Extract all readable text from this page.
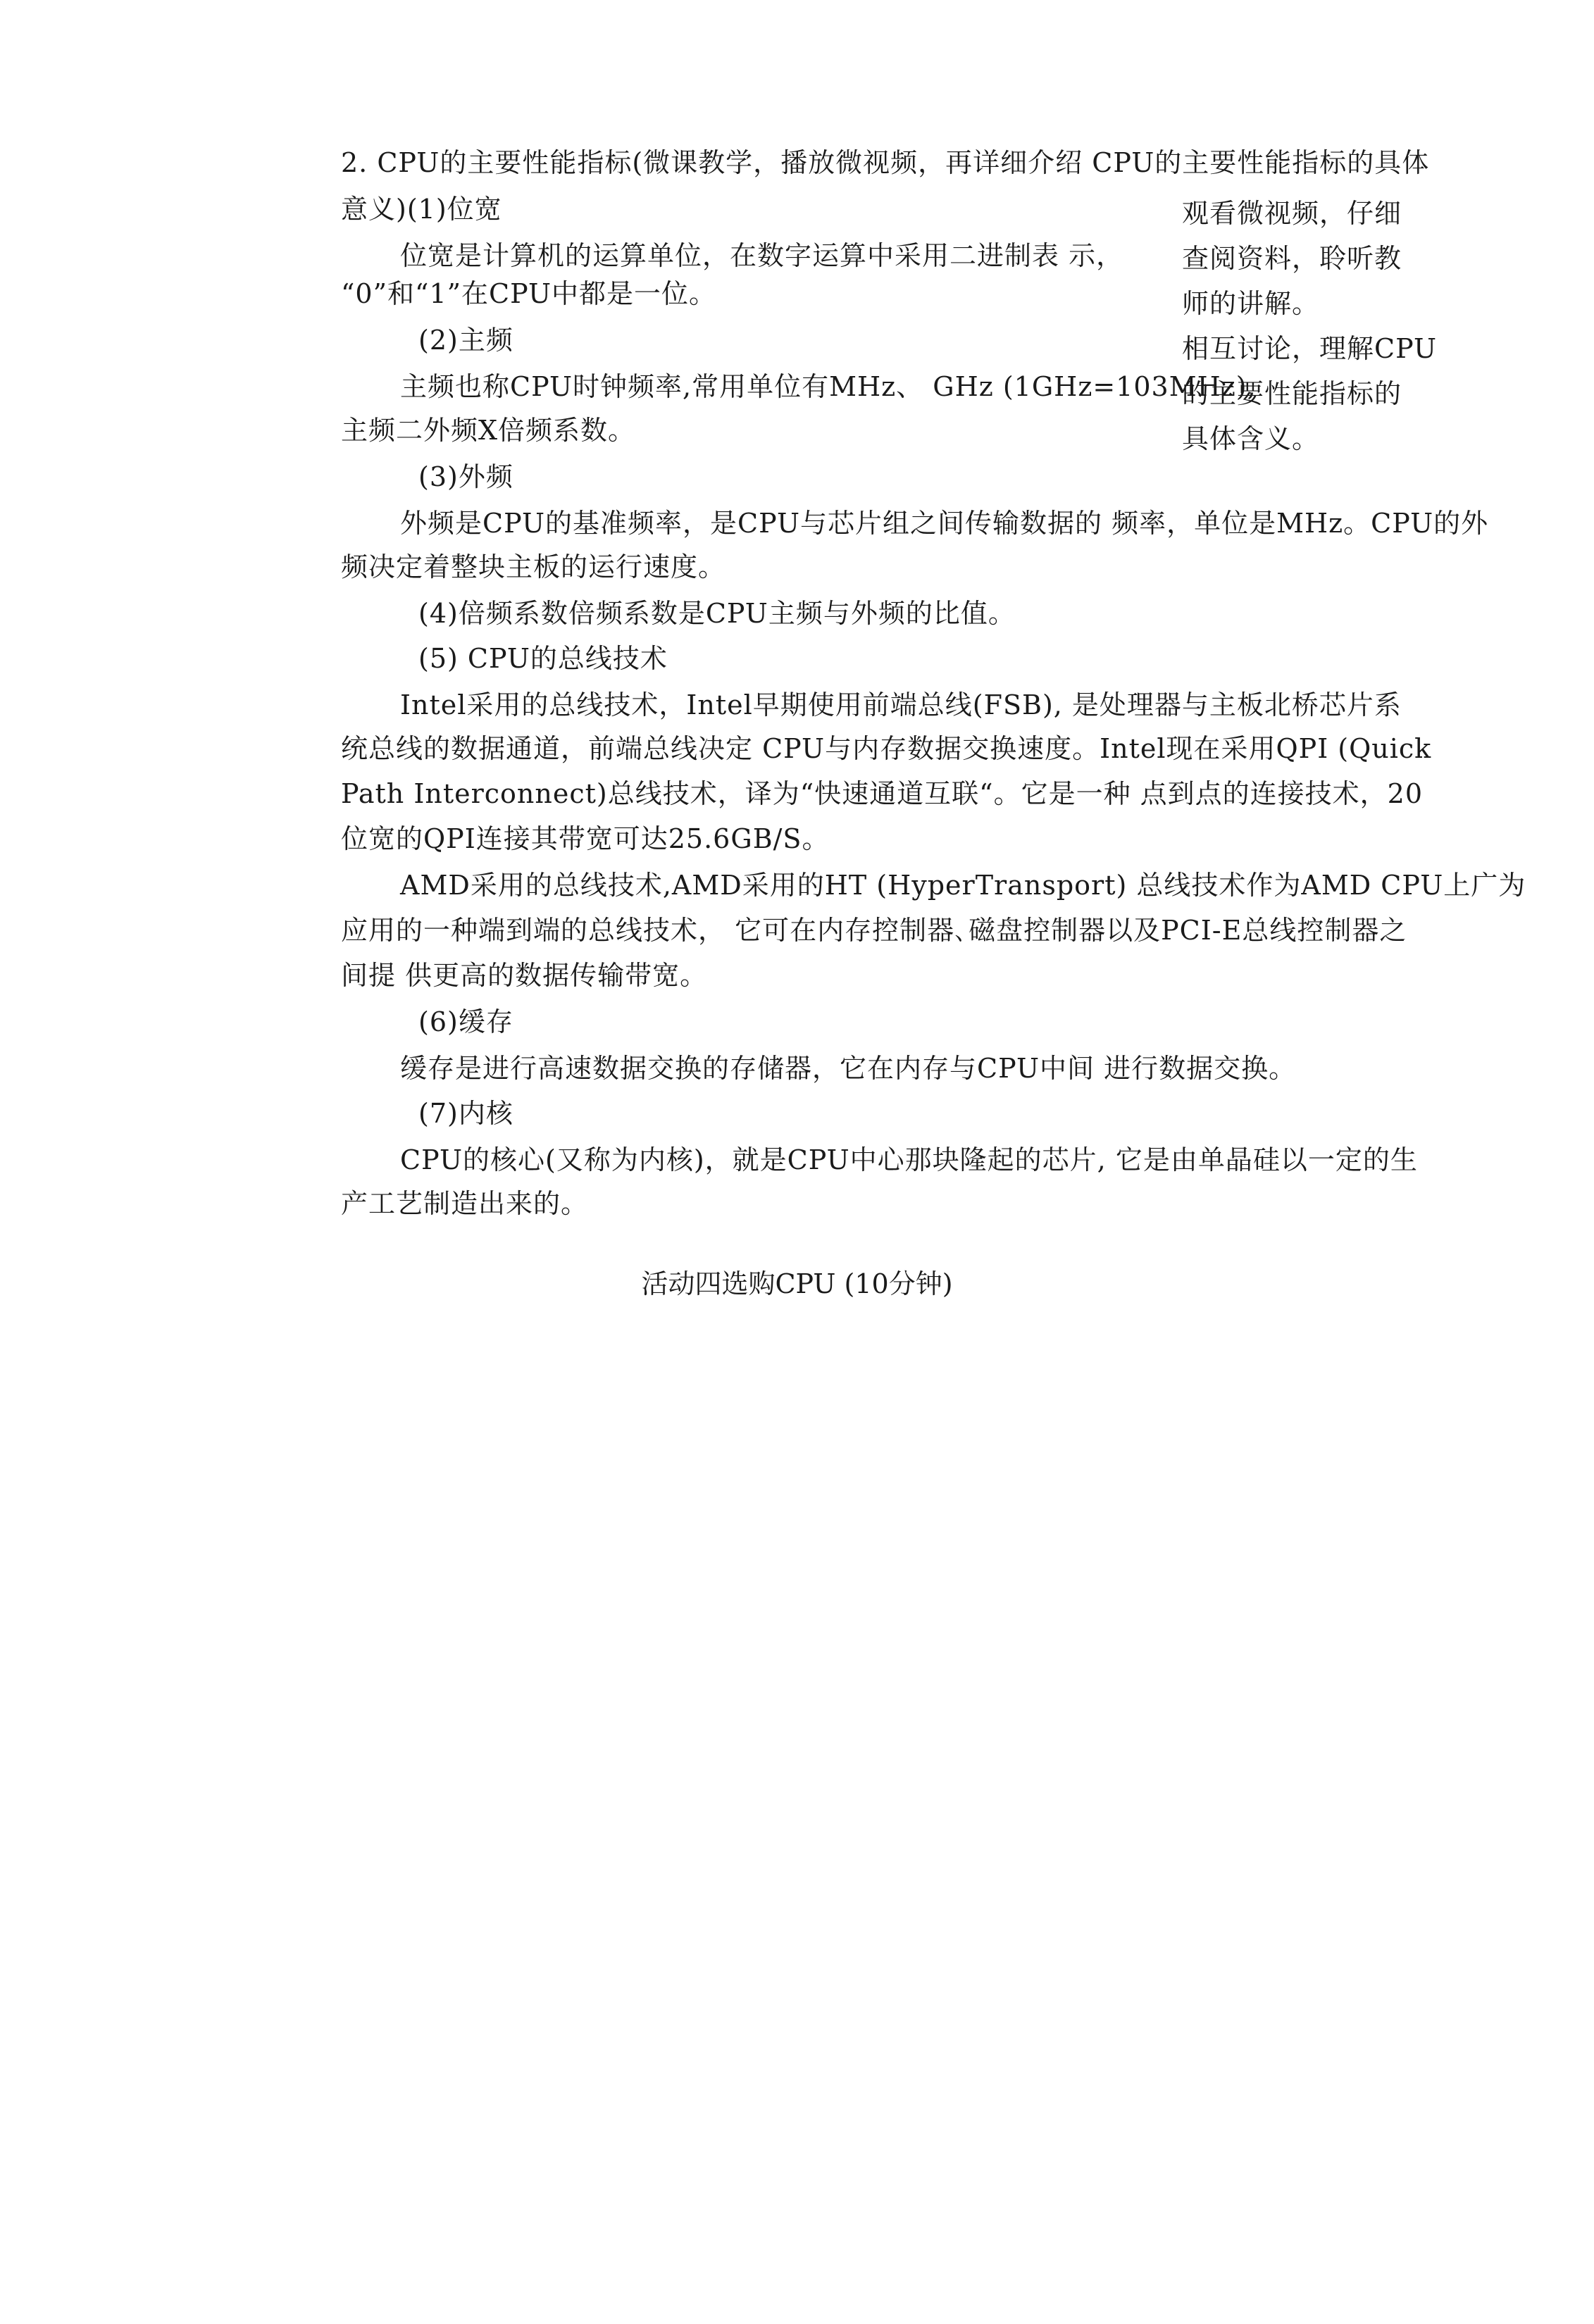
2. CPU的主要性能指标(微课教学，播放微视频，再详细介绍 CPU的主要性能指标的具体
意义)(1)位宽
位宽是计算机的运算单位，在数字运算中采用二进制表 示，
“0”和“1”在CPU中都是一位。
(2)主频
主频也称CPU时钟频率,常用单位有MHz、 GHz (1GHz=103MHz),
主频二外频X倍频系数。
(3)外频
外频是CPU的基准频率，是CPU与芯片组之间传输数据的 频率，单位是MHz。CPU的外
频决定着整块主板的运行速度。
(4)倍频系数倍频系数是CPU主频与外频的比值。
(5) CPU的总线技术
Intel采用的总线技术，Intel早期使用前端总线(FSB), 是处理器与主板北桥芯片系
统总线的数据通道，前端总线决定 CPU与内存数据交换速度。Intel现在采用QPI (Quick
Path Interconnect)总线技术，译为“快速通道互联“。它是一种 点到点的连接技术，20
位宽的QPI连接其带宽可达25.6GB/S。
AMD采用的总线技术,AMD采用的HT (HyperTransport) 总线技术作为AMD CPU上广为
应用的一种端到端的总线技术， 它可在内存控制器､磁盘控制器以及PCI-E总线控制器之
间提 供更高的数据传输带宽。
(6)缓存
缓存是进行高速数据交换的存储器，它在内存与CPU中间 进行数据交换。
(7)内核
CPU的核心(又称为内核)，就是CPU中心那块隆起的芯片, 它是由单晶硅以一定的生
产工艺制造出来的。
观看微视频，仔细
查阅资料，聆听教
师的讲解。
相互讨论，理解CPU
的主要性能指标的
具体含义。
活动四选购CPU (10分钟)
